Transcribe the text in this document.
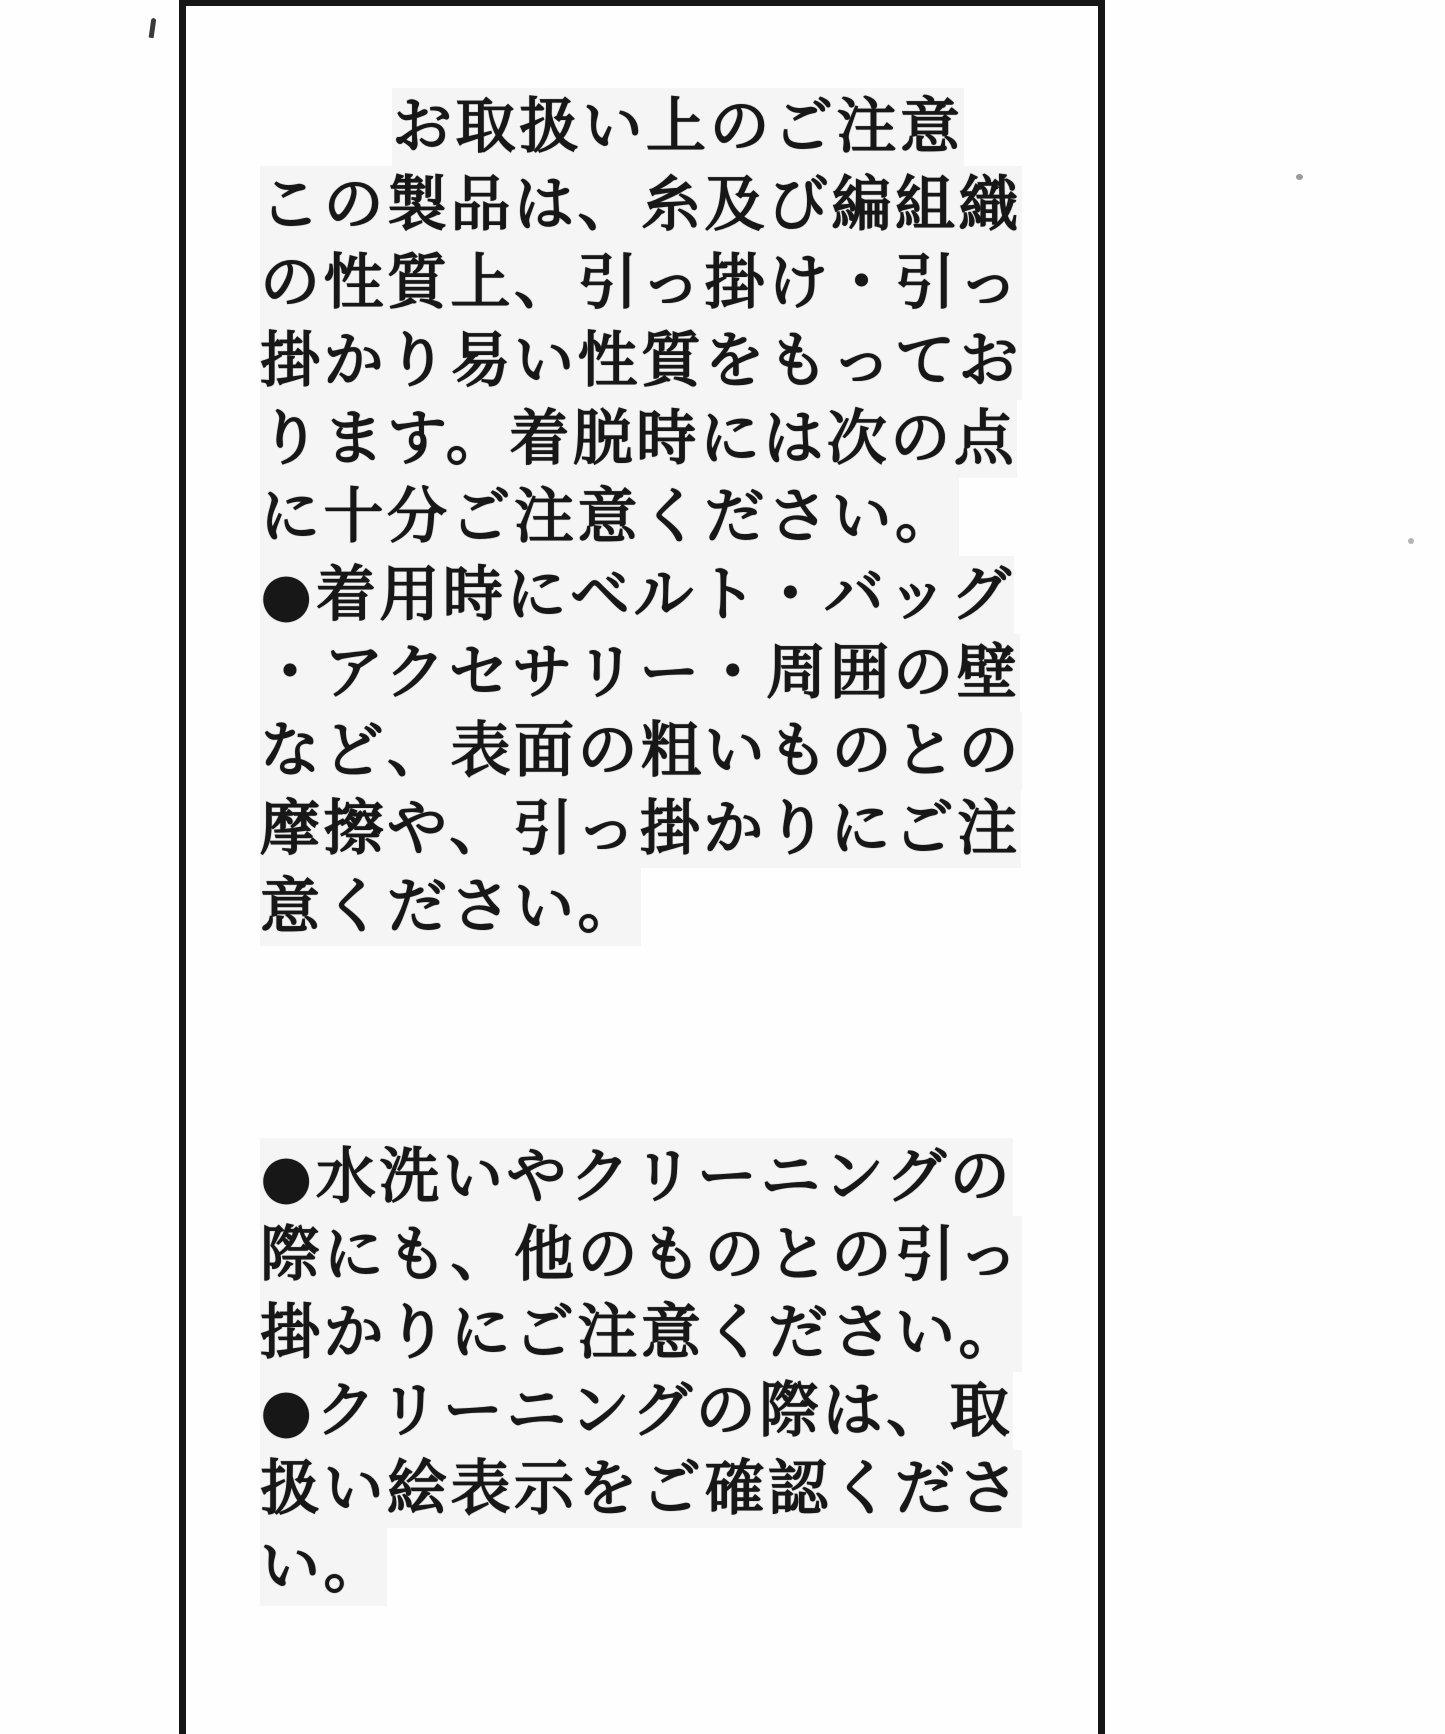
お取扱い上のご注意
この製品は、糸及び編組織
の性質上、引っ掛け・引っ
掛かり易い性質をもってお
ります。着脱時には次の点
に十分ご注意ください。
●着用時にベルト・バッグ
・アクセサリー・周囲の壁
など、表面の粗いものとの
摩擦や、引っ掛かりにご注
意ください。
●水洗いやクリーニングの
際にも、他のものとの引っ
掛かりにご注意ください。
●クリーニングの際は、取
扱い絵表示をご確認くださ
い。
